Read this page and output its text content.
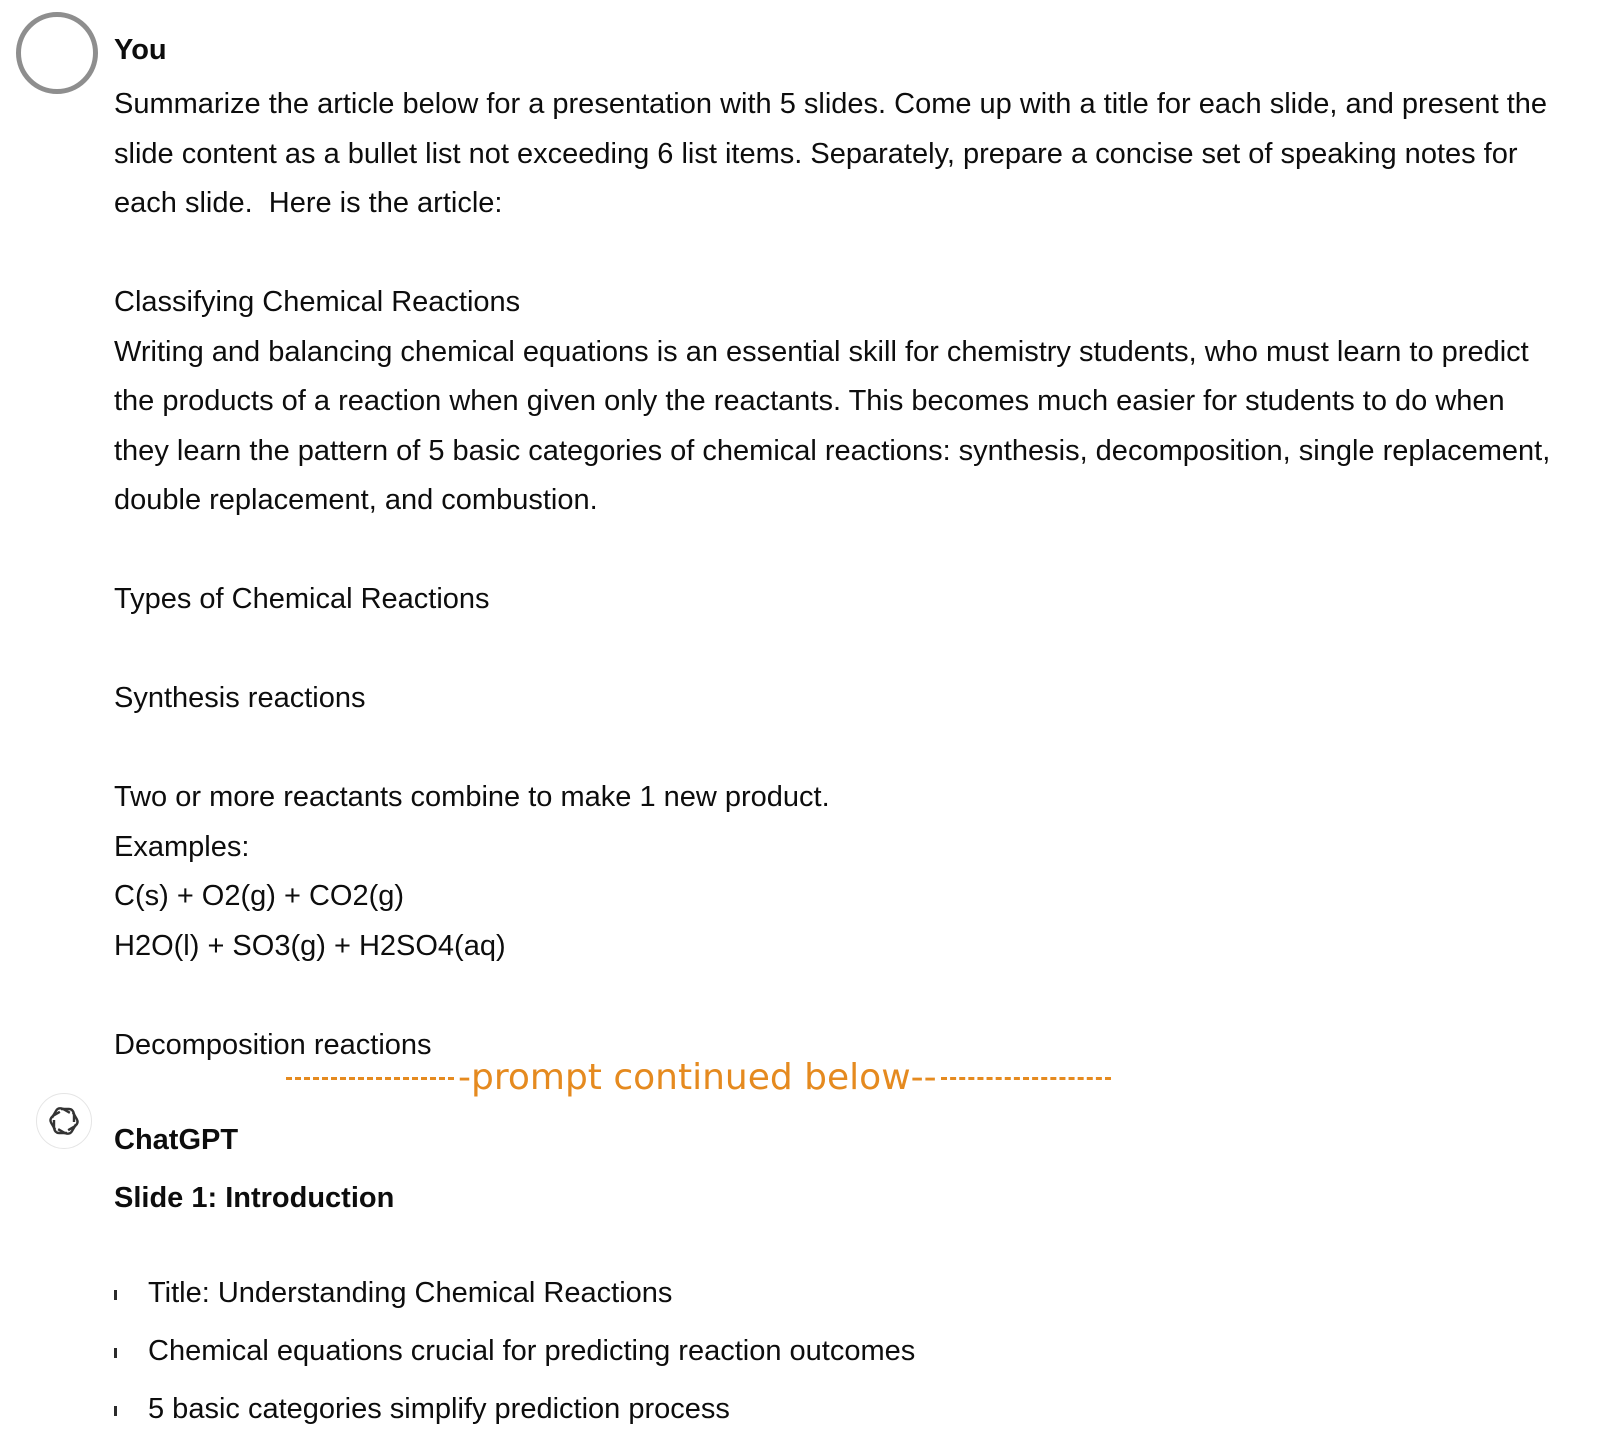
You

Summarize the article below for a presentation with 5 slides. Come up with a title for each slide, and present the slide content as a bullet list not exceeding 6 list items. Separately, prepare a concise set of speaking notes for each slide.  Here is the article:

Classifying Chemical Reactions
Writing and balancing chemical equations is an essential skill for chemistry students, who must learn to predict the products of a reaction when given only the reactants. This becomes much easier for students to do when they learn the pattern of 5 basic categories of chemical reactions: synthesis, decomposition, single replacement, double replacement, and combustion.

Types of Chemical Reactions

Synthesis reactions

Two or more reactants combine to make 1 new product.
Examples:
C(s) + O2(g) + CO2(g)
H2O(l) + SO3(g) + H2SO4(aq)

Decomposition reactions

-prompt continued below--
ChatGPT
Slide 1: Introduction
Title: Understanding Chemical Reactions
Chemical equations crucial for predicting reaction outcomes
5 basic categories simplify prediction process
